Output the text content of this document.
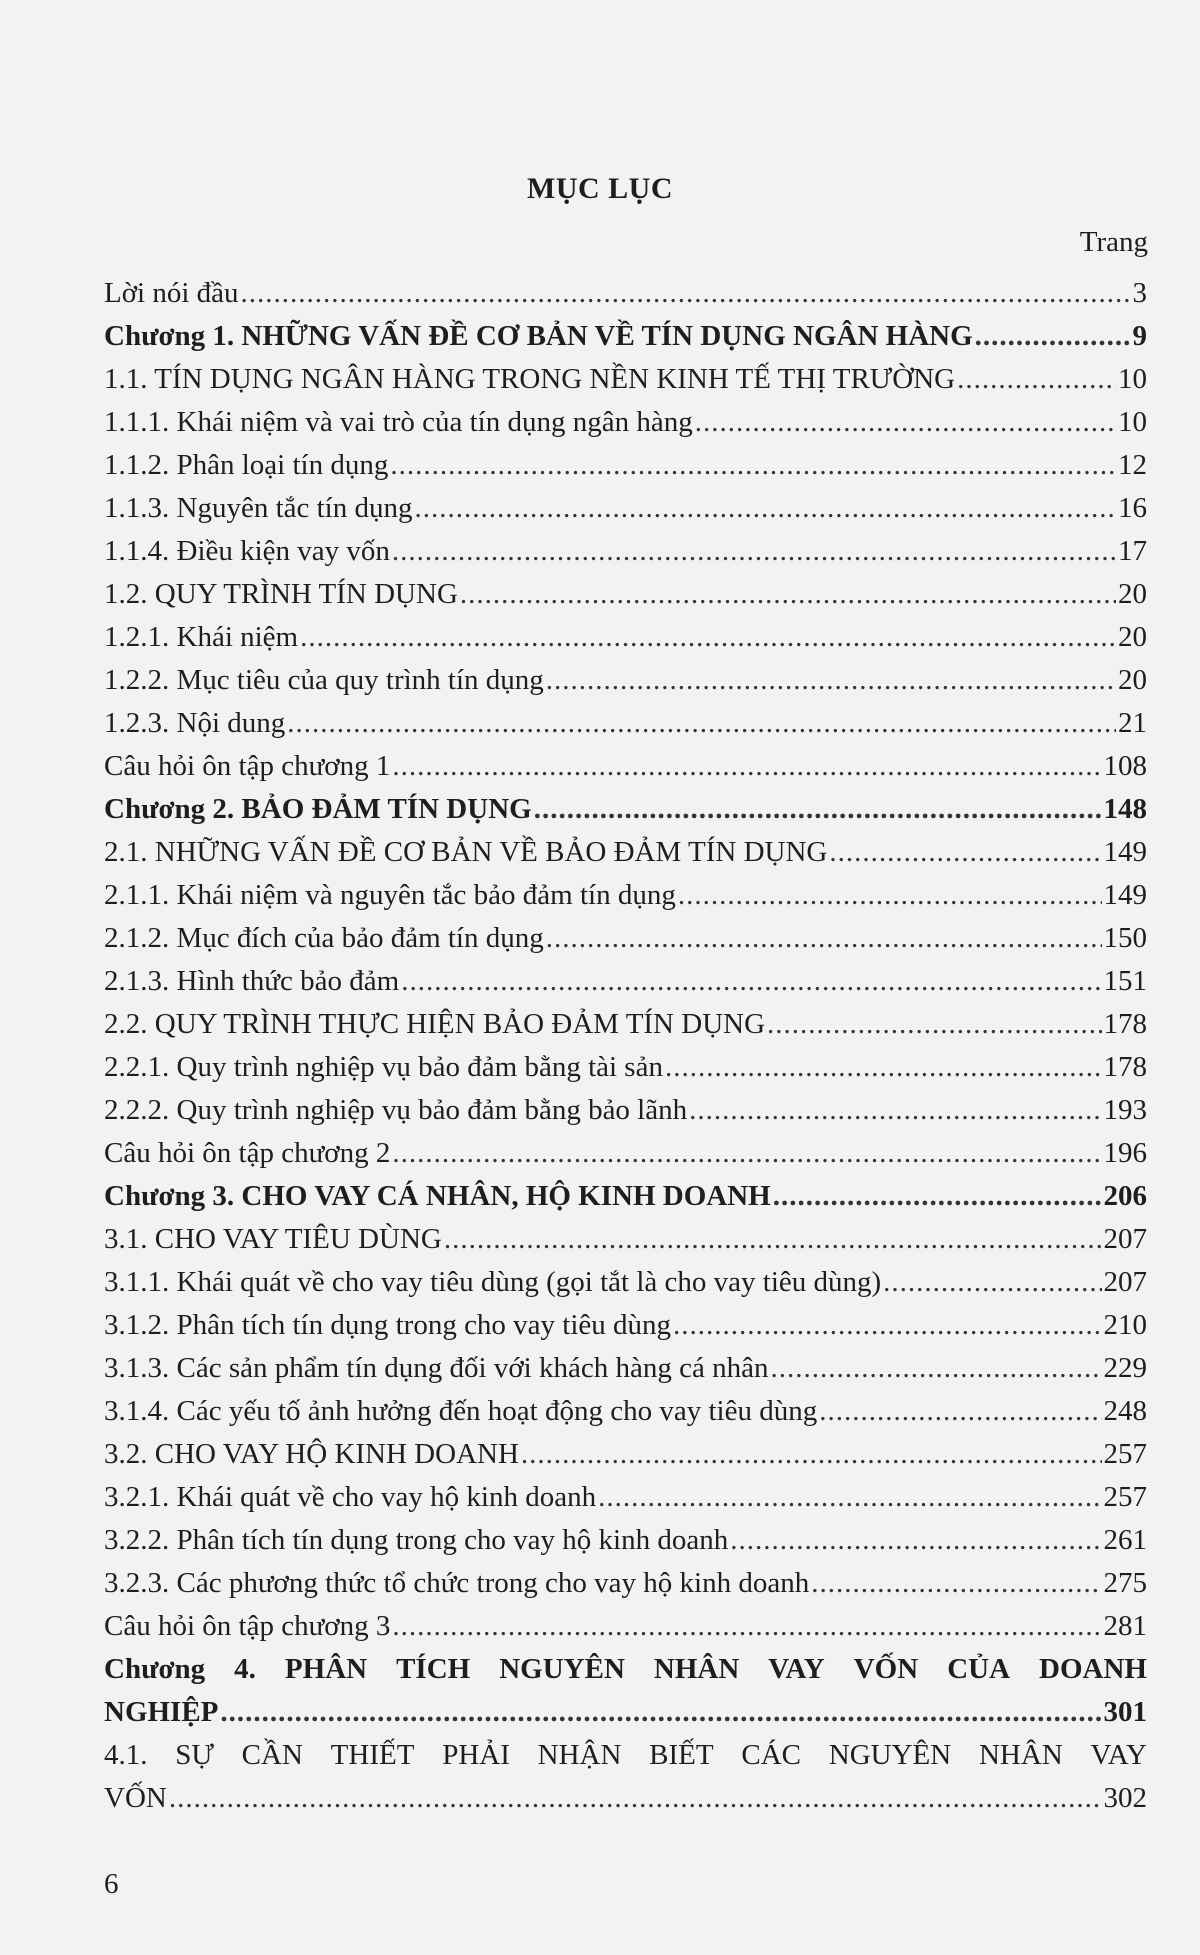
MỤC LỤC
Trang
Lời nói đầu .....	3
Chương 1. NHỮNG VẤN ĐỀ CƠ BẢN VỀ TÍN DỤNG NGÂN HÀNG .....	9
1.1. TÍN DỤNG NGÂN HÀNG TRONG NỀN KINH TẾ THỊ TRƯỜNG .....	10
1.1.1. Khái niệm và vai trò của tín dụng ngân hàng .....	10
1.1.2. Phân loại tín dụng .....	12
1.1.3. Nguyên tắc tín dụng .....	16
1.1.4. Điều kiện vay vốn .....	17
1.2. QUY TRÌNH TÍN DỤNG .....	20
1.2.1. Khái niệm .....	20
1.2.2. Mục tiêu của quy trình tín dụng .....	20
1.2.3. Nội dung .....	21
Câu hỏi ôn tập chương 1 .....	108
Chương 2. BẢO ĐẢM TÍN DỤNG .....	148
2.1. NHỮNG VẤN ĐỀ CƠ BẢN VỀ BẢO ĐẢM TÍN DỤNG .....	149
2.1.1. Khái niệm và nguyên tắc bảo đảm tín dụng .....	149
2.1.2. Mục đích của bảo đảm tín dụng .....	150
2.1.3. Hình thức bảo đảm .....	151
2.2. QUY TRÌNH THỰC HIỆN BẢO ĐẢM TÍN DỤNG .....	178
2.2.1. Quy trình nghiệp vụ bảo đảm bằng tài sản .....	178
2.2.2. Quy trình nghiệp vụ bảo đảm bằng bảo lãnh .....	193
Câu hỏi ôn tập chương 2 .....	196
Chương 3. CHO VAY CÁ NHÂN, HỘ KINH DOANH .....	206
3.1. CHO VAY TIÊU DÙNG .....	207
3.1.1. Khái quát về cho vay tiêu dùng (gọi tắt là cho vay tiêu dùng) .....	207
3.1.2. Phân tích tín dụng trong cho vay tiêu dùng .....	210
3.1.3. Các sản phẩm tín dụng đối với khách hàng cá nhân .....	229
3.1.4. Các yếu tố ảnh hưởng đến hoạt động cho vay tiêu dùng .....	248
3.2. CHO VAY HỘ KINH DOANH .....	257
3.2.1. Khái quát về cho vay hộ kinh doanh .....	257
3.2.2. Phân tích tín dụng trong cho vay hộ kinh doanh .....	261
3.2.3. Các phương thức tổ chức trong cho vay hộ kinh doanh .....	275
Câu hỏi ôn tập chương 3 .....	281
Chương 4. PHÂN TÍCH NGUYÊN NHÂN VAY VỐN CỦA DOANH
NGHIỆP .....	301
4.1. SỰ CẦN THIẾT PHẢI NHẬN BIẾT CÁC NGUYÊN NHÂN VAY
VỐN .....	302
6
